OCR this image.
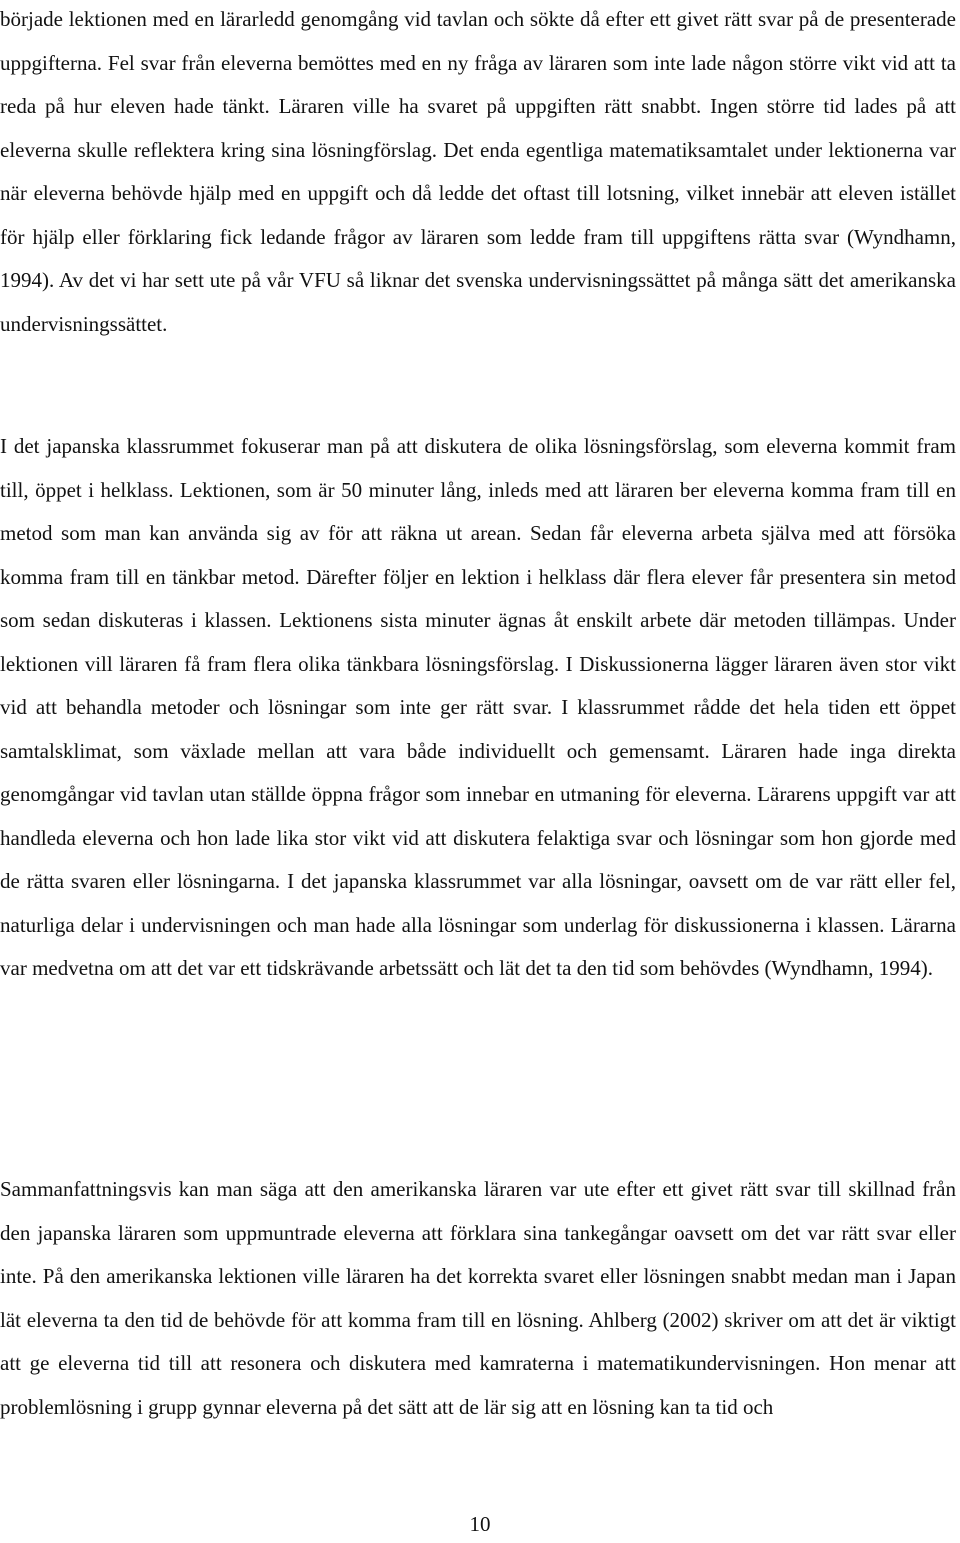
började lektionen med en lärarledd genomgång vid tavlan och sökte då efter ett givet rätt svar på de presenterade uppgifterna. Fel svar från eleverna bemöttes med en ny fråga av läraren som inte lade någon större vikt vid att ta reda på hur eleven hade tänkt. Läraren ville ha svaret på uppgiften rätt snabbt. Ingen större tid lades på att eleverna skulle reflektera kring sina lösningförslag. Det enda egentliga matematiksamtalet under lektionerna var när eleverna behövde hjälp med en uppgift och då ledde det oftast till lotsning, vilket innebär att eleven istället för hjälp eller förklaring fick ledande frågor av läraren som ledde fram till uppgiftens rätta svar (Wyndhamn, 1994). Av det vi har sett ute på vår VFU så liknar det svenska undervisningssättet på många sätt det amerikanska undervisningssättet.

I det japanska klassrummet fokuserar man på att diskutera de olika lösningsförslag, som eleverna kommit fram till, öppet i helklass. Lektionen, som är 50 minuter lång, inleds med att läraren ber eleverna komma fram till en metod som man kan använda sig av för att räkna ut arean. Sedan får eleverna arbeta själva med att försöka komma fram till en tänkbar metod. Därefter följer en lektion i helklass där flera elever får presentera sin metod som sedan diskuteras i klassen. Lektionens sista minuter ägnas åt enskilt arbete där metoden tillämpas. Under lektionen vill läraren få fram flera olika tänkbara lösningsförslag. I Diskussionerna lägger läraren även stor vikt vid att behandla metoder och lösningar som inte ger rätt svar. I klassrummet rådde det hela tiden ett öppet samtalsklimat, som växlade mellan att vara både individuellt och gemensamt. Läraren hade inga direkta genomgångar vid tavlan utan ställde öppna frågor som innebar en utmaning för eleverna. Lärarens uppgift var att handleda eleverna och hon lade lika stor vikt vid att diskutera felaktiga svar och lösningar som hon gjorde med de rätta svaren eller lösningarna. I det japanska klassrummet var alla lösningar, oavsett om de var rätt eller fel, naturliga delar i undervisningen och man hade alla lösningar som underlag för diskussionerna i klassen. Lärarna var medvetna om att det var ett tidskrävande arbetssätt och lät det ta den tid som behövdes (Wyndhamn, 1994).

Sammanfattningsvis kan man säga att den amerikanska läraren var ute efter ett givet rätt svar till skillnad från den japanska läraren som uppmuntrade eleverna att förklara sina tankegångar oavsett om det var rätt svar eller inte. På den amerikanska lektionen ville läraren ha det korrekta svaret eller lösningen snabbt medan man i Japan lät eleverna ta den tid de behövde för att komma fram till en lösning. Ahlberg (2002) skriver om att det är viktigt att ge eleverna tid till att resonera och diskutera med kamraterna i matematikundervisningen. Hon menar att problemlösning i grupp gynnar eleverna på det sätt att de lär sig att en lösning kan ta tid och

10
